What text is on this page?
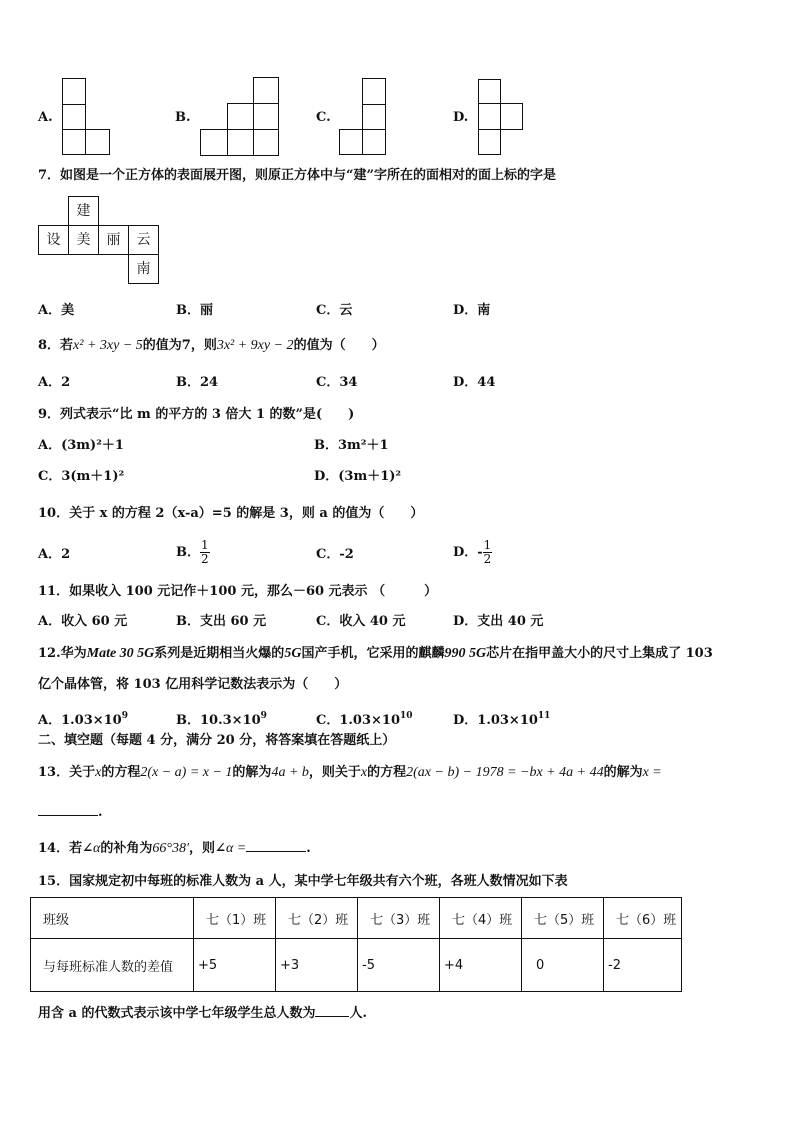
A.	B.	C.	D.
7．如图是一个正方体的表面展开图，则原正方体中与“建”字所在的面相对的面上标的字是
建
设	美	丽	云
南
A．美	B．丽	C．云	D．南
8．若x² + 3xy − 5的值为7，则3x² + 9xy − 2的值为（　　）
A．2	B．24	C．34	D．44
9．列式表示“比 m 的平方的 3 倍大 1 的数”是(　　)
A．(3m)²＋1	B．3m²＋1
C．3(m＋1)²	D．(3m＋1)²
10．关于 x 的方程 2（x-a）=5 的解是 3，则 a 的值为（　　）
A．2	B． $\frac{1}{2}$	C．-2	D．- $\frac{1}{2}$
11．如果收入 100 元记作＋100 元，那么－60 元表示 （　　　）
A．收入 60 元	B．支出 60 元	C．收入 40 元	D．支出 40 元
12.华为Mate 30 5G系列是近期相当火爆的5G国产手机，它采用的麒麟990 5G芯片在指甲盖大小的尺寸上集成了 103
亿个晶体管，将 103 亿用科学记数法表示为（　　）
A．$1.03\times 10^9$	B．$10.3\times 10^9$	C．$1.03\times 10^{10}$	D．$1.03\times 10^{11}$
二、填空题（每题 4 分，满分 20 分，将答案填在答题纸上）
13．关于x的方程2(x − a) = x − 1的解为4a + b，则关于x的方程2(ax − b) − 1978 = −bx + 4a + 44的解为x =
.
14．若∠α的补角为66°38′，则∠α =	.
15．国家规定初中每班的标准人数为 a 人，某中学七年级共有六个班，各班人数情况如下表
班级	七（1）班	七（2）班	七（3）班	七（4）班	七（5）班	七（6）班
与每班标准人数的差值	+5	+3	-5	+4	0	-2
用含 a 的代数式表示该中学七年级学生总人数为	人.
